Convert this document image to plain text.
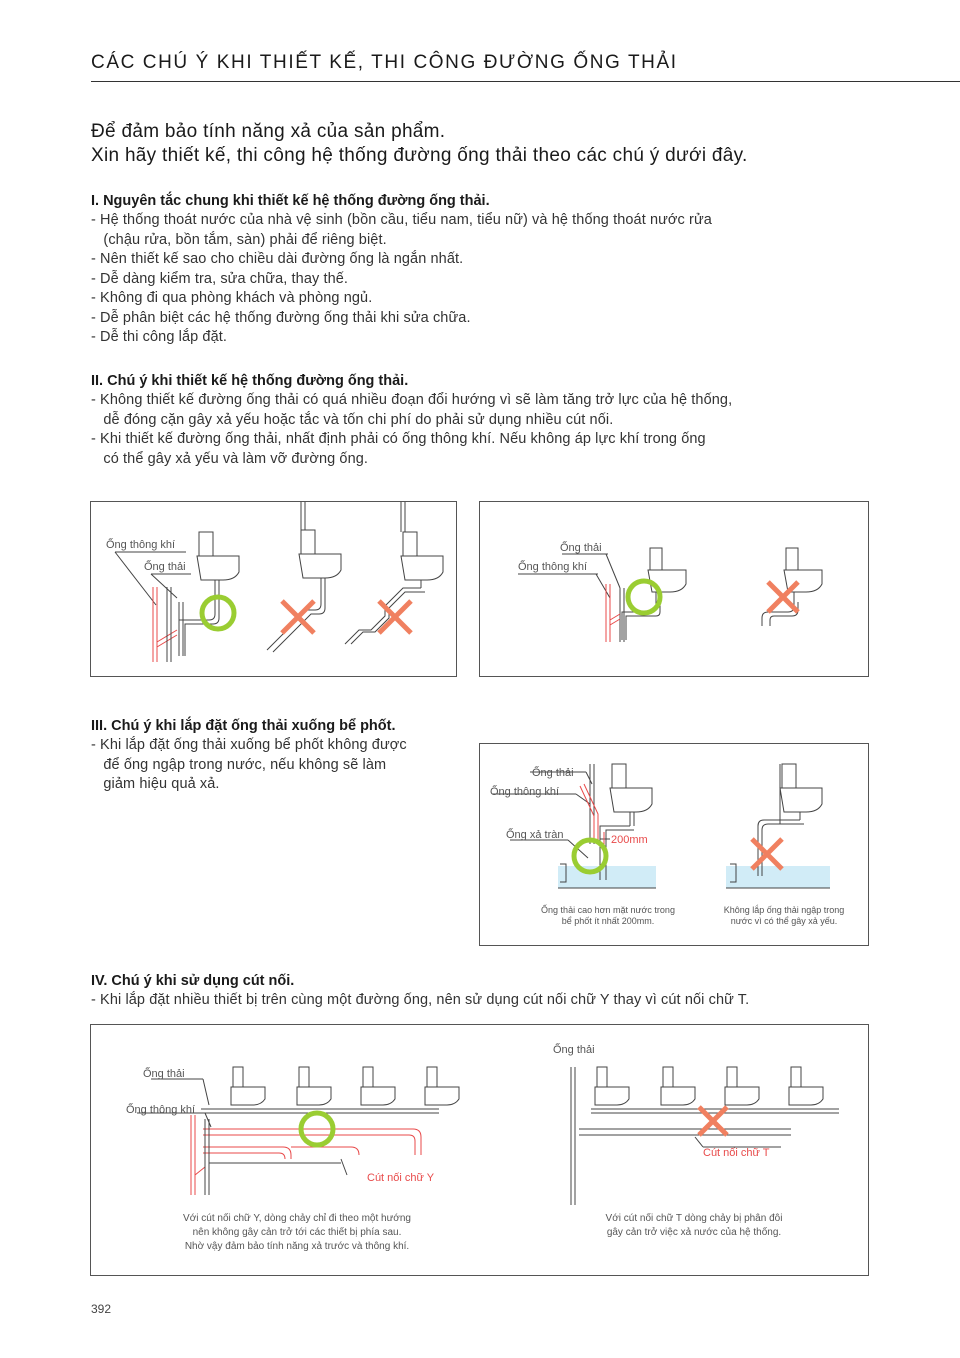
CÁC CHÚ Ý KHI THIẾT KẾ, THI CÔNG ĐƯỜNG ỐNG THẢI
Để đảm bảo tính năng xả của sản phẩm.
Xin hãy thiết kế, thi công hệ thống đường ống thải theo các chú ý dưới đây.
I. Nguyên tắc chung khi thiết kế hệ thống đường ống thải.
- Hệ thống thoát nước của nhà vệ sinh (bồn cầu, tiểu nam, tiểu nữ) và hệ thống thoát nước rửa
(chậu rửa, bồn tắm, sàn) phải để riêng biệt.
- Nên thiết kế sao cho chiều dài đường ống là ngắn nhất.
- Dễ dàng kiểm tra, sửa chữa, thay thế.
- Không đi qua phòng khách và phòng ngủ.
- Dễ phân biệt các hệ thống đường ống thải khi sửa chữa.
- Dễ thi công lắp đặt.
II. Chú ý khi thiết kế hệ thống đường ống thải.
- Không thiết kế đường ống thải có quá nhiều đoạn đổi hướng vì sẽ làm tăng trở lực của hệ thống,
dễ đóng cặn gây xả yếu hoặc tắc và tốn chi phí do phải sử dụng nhiều cút nối.
- Khi thiết kế đường ống thải, nhất định phải có ống thông khí. Nếu không áp lực khí trong ống
có thể gây xả yếu và làm vỡ đường ống.
Ống thông khí
Ống thải
Ống thải
Ống thông khí
III. Chú ý khi lắp đặt ống thải xuống bể phốt.
- Khi lắp đặt ống thải xuống bể phốt không được
để ống ngập trong nước, nếu không sẽ làm
giảm hiệu quả xả.
Ống thải
Ống thông khí
Ống xả tràn	200mm
Ống thải cao hơn mặt nước trong
bể phốt ít nhất 200mm.
Không lắp ống thải ngập trong
nước vì có thể gây xả yếu.
IV. Chú ý khi sử dụng cút nối.
- Khi lắp đặt nhiều thiết bị trên cùng một đường ống, nên sử dụng cút nối chữ Y thay vì cút nối chữ T.
Ống thải
Ống thông khí
Cút nối chữ Y
Với cút nối chữ Y, dòng chảy chỉ đi theo một hướng
nên không gây cản trở tới các thiết bị phía sau.
Nhờ vậy đảm bảo tính năng xả trước và thông khí.
Ống thải
Cút nối chữ T
Với cút nối chữ T dòng chảy bị phân đôi
gây cản trở việc xả nước của hệ thống.
392
